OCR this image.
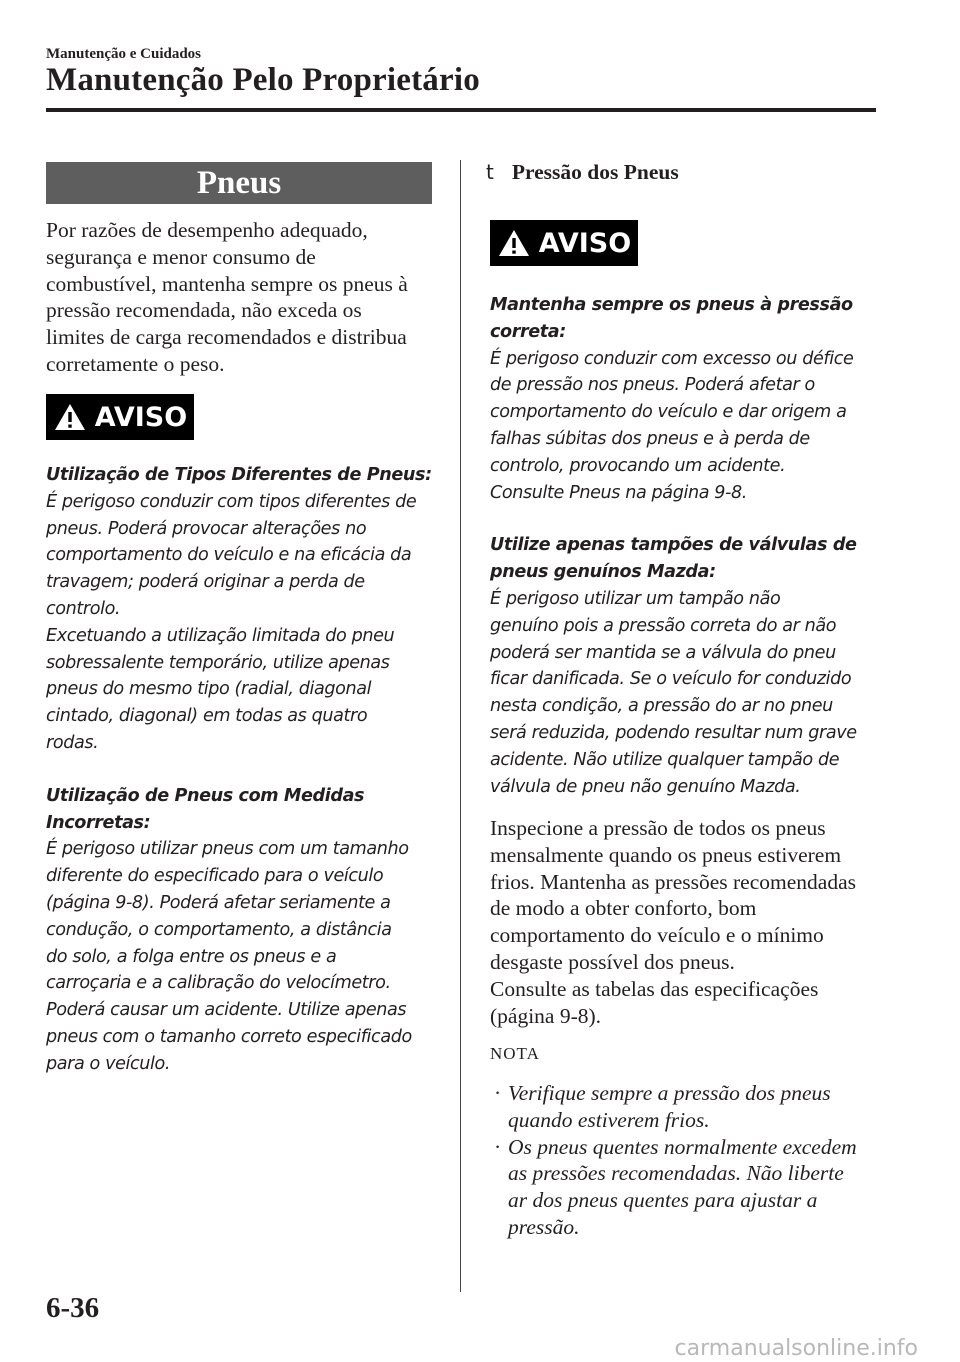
Manutenção e Cuidados
Manutenção Pelo Proprietário
Pneus
Por razões de desempenho adequado,
segurança e menor consumo de
combustível, mantenha sempre os pneus à
pressão recomendada, não exceda os
limites de carga recomendados e distribua
corretamente o peso.
AVISO

Utilização de Tipos Diferentes de Pneus:

É perigoso conduzir com tipos diferentes de

pneus. Poderá provocar alterações no

comportamento do veículo e na eficácia da

travagem; poderá originar a perda de

controlo.

Excetuando a utilização limitada do pneu

sobressalente temporário, utilize apenas

pneus do mesmo tipo (radial, diagonal

cintado, diagonal) em todas as quatro

rodas.

Utilização de Pneus com Medidas

Incorretas:

É perigoso utilizar pneus com um tamanho

diferente do especificado para o veículo

(página 9-8). Poderá afetar seriamente a

condução, o comportamento, a distância

do solo, a folga entre os pneus e a

carroçaria e a calibração do velocímetro.

Poderá causar um acidente. Utilize apenas

pneus com o tamanho correto especificado

para o veículo.

t Pressão dos Pneus
AVISO

Mantenha sempre os pneus à pressão

correta:

É perigoso conduzir com excesso ou défice

de pressão nos pneus. Poderá afetar o

comportamento do veículo e dar origem a

falhas súbitas dos pneus e à perda de

controlo, provocando um acidente.

Consulte Pneus na página 9-8.

Utilize apenas tampões de válvulas de

pneus genuínos Mazda:

É perigoso utilizar um tampão não

genuíno pois a pressão correta do ar não

poderá ser mantida se a válvula do pneu

ficar danificada. Se o veículo for conduzido

nesta condição, a pressão do ar no pneu

será reduzida, podendo resultar num grave

acidente. Não utilize qualquer tampão de

válvula de pneu não genuíno Mazda.

Inspecione a pressão de todos os pneus
mensalmente quando os pneus estiverem
frios. Mantenha as pressões recomendadas
de modo a obter conforto, bom
comportamento do veículo e o mínimo
desgaste possível dos pneus.
Consulte as tabelas das especificações
(página 9-8).
NOTA
· Verifique sempre a pressão dos pneus
quando estiverem frios.
· Os pneus quentes normalmente excedem
as pressões recomendadas. Não liberte
ar dos pneus quentes para ajustar a
pressão.
6-36
carmanualsonline.info
